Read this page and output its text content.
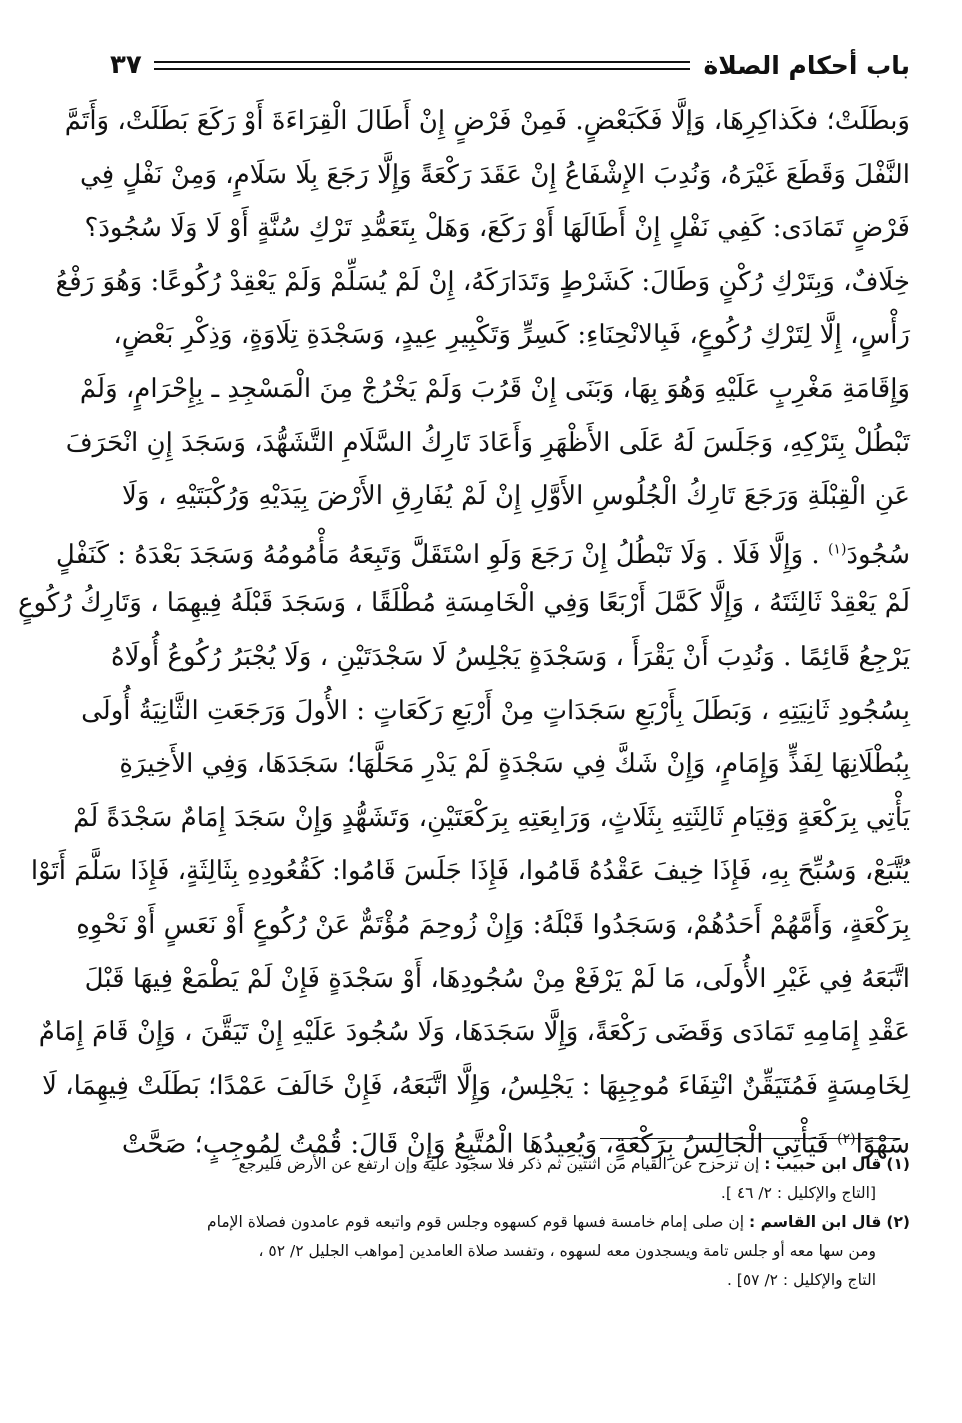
باب أحكام الصلاة
٣٧
وَبطَلَتْ؛ فكَذاكِرِهَا، وَإلَّا فَكَبَعْضٍ. فَمِنْ فَرْضٍ إِنْ أَطَالَ الْقِرَاءَةَ أَوْ رَكَعَ بَطَلَتْ، وَأَتَمَّ
النَّفْلَ وَقَطَعَ غَيْرَهُ، وَنُدِبَ الإِشْفَاعُ إِنْ عَقَدَ رَكْعَةً وَإِلَّا رَجَعَ بِلَا سَلَامٍ، وَمِنْ نَفْلٍ فِي
فَرْضٍ تَمَادَى: كَفِي نَفْلٍ إِنْ أَطَالَهَا أَوْ رَكَعَ، وَهَلْ بِتَعَمُّدِ تَرْكِ سُنَّةٍ أَوْ لَا وَلَا سُجُودَ؟
خِلَافٌ، وَبِتَرْكِ رُكْنٍ وَطَالَ: كَشَرْطٍ وَتَدَارَكَهُ، إِنْ لَمْ يُسَلِّمْ وَلَمْ يَعْقِدْ رُكُوعًا: وَهُوَ رَفْعُ
رَأْسٍ، إِلَّا لِتَرْكِ رُكُوعٍ، فَبِالانْحِنَاءِ: كَسِرٍّ وَتَكْبِيرِ عِيدٍ، وَسَجْدَةِ تِلَاوَةٍ، وَذِكْرِ بَعْضٍ،
وَإِقَامَةِ مَغْرِبٍ عَلَيْهِ وَهُوَ بِهَا، وَبَنَى إِنْ قَرُبَ وَلَمْ يَخْرُجْ مِنَ الْمَسْجِدِ ـ بِإِحْرَامٍ، وَلَمْ
تَبْطُلْ بِتَرْكِهِ، وَجَلَسَ لَهُ عَلَى الأَظْهَرِ وَأَعَادَ تَارِكُ السَّلَامِ التَّشَهُّدَ، وَسَجَدَ إِنِ انْحَرَفَ
عَنِ الْقِبْلَةِ وَرَجَعَ تَارِكُ الْجُلُوسِ الأَوَّلِ إِنْ لَمْ يُفَارِقِ الأَرْضَ بِيَدَيْهِ وَرُكْبَتَيْهِ ، وَلَا
سُجُودَ$^{(١)}$ . وَإِلَّا فَلَا . وَلَا تَبْطُلُ إِنْ رَجَعَ وَلَوِ اسْتَقَلَّ وَتَبِعَهُ مَأْمُومُهُ وَسَجَدَ بَعْدَهُ : كَنَفْلٍ
لَمْ يَعْقِدْ ثَالِثَتَهُ ، وَإِلَّا كَمَّلَ أَرْبَعًا وَفِي الْخَامِسَةِ مُطْلَقًا ، وَسَجَدَ قَبْلَهُ فِيهِمَا ، وَتَارِكُ رُكُوعٍ
يَرْجِعُ قَائِمًا . وَنُدِبَ أَنْ يَقْرَأَ ، وَسَجْدَةٍ يَجْلِسُ لَا سَجْدَتَيْنِ ، وَلَا يُجْبَرُ رُكُوعُ أُولَاهُ
بِسُجُودِ ثَانِيَتِهِ ، وَبَطَلَ بِأَرْبَعِ سَجَدَاتٍ مِنْ أَرْبَعِ رَكَعَاتٍ : الأُولَ وَرَجَعَتِ الثَّانِيَةُ أُولَى
بِبُطْلَانِهَا لِفَذٍّ وَإِمَامٍ، وَإِنْ شَكَّ فِي سَجْدَةٍ لَمْ يَدْرِ مَحَلَّهَا؛ سَجَدَهَا، وَفِي الأَخِيرَةِ
يَأْتِي بِرَكْعَةٍ وَقِيَامِ ثَالِثَتِهِ بِثَلَاثٍ، وَرَابِعَتِهِ بِرَكْعَتَيْنِ، وَتَشَهُّدٍ وَإِنْ سَجَدَ إِمَامٌ سَجْدَةً لَمْ
يُتَّبَعْ، وَسُبِّحَ بِهِ، فَإِذَا خِيفَ عَقْدُهُ قَامُوا، فَإِذَا جَلَسَ قَامُوا: كَقُعُودِهِ بِثَالِثَةٍ، فَإِذَا سَلَّمَ أَتَوْا
بِرَكْعَةٍ، وَأَمَّهُمْ أَحَدُهُمْ، وَسَجَدُوا قَبْلَهُ: وَإِنْ زُوحِمَ مُؤْتَمٌّ عَنْ رُكُوعٍ أَوْ نَعَسٍ أَوْ نَحْوِهِ
اتَّبَعَهُ فِي غَيْرِ الأُولَى، مَا لَمْ يَرْفَعْ مِنْ سُجُودِهَا، أَوْ سَجْدَةٍ فَإِنْ لَمْ يَطْمَعْ فِيهَا قَبْلَ
عَقْدِ إِمَامِهِ تَمَادَى وَقَضَى رَكْعَةً، وَإِلَّا سَجَدَهَا، وَلَا سُجُودَ عَلَيْهِ إِنْ تَيَقَّنَ ، وَإِنْ قَامَ إِمَامٌ
لِخَامِسَةٍ فَمُتَيَقِّنٌ انْتِفَاءَ مُوجِبِهَا : يَجْلِسُ، وَإِلَّا اتَّبَعَهُ، فَإِنْ خَالَفَ عَمْدًا؛ بَطَلَتْ فِيهِمَا، لَا
سَهْوًا$^{(٢)}$ فَيَأْتِي الْجَالِسُ بِرَكْعَةٍ، وَيُعِيدُهَا الْمُتَّبِعُ وَإِنْ قَالَ: قُمْتُ لِمُوجِبٍ؛ صَحَّتْ
(١) قال ابن حبيب : إن تزحزح عن القيام من اثنتين ثم ذكر فلا سجود عليه وإن ارتفع عن الأرض فليرجع
[التاج والإكليل : ٢/ ٤٦ ].
(٢) قال ابن القاسم : إن صلى إمام خامسة فسها قوم كسهوه وجلس قوم واتبعه قوم عامدون فصلاة الإمام
ومن سها معه أو جلس تامة ويسجدون معه لسهوه ، وتفسد صلاة العامدين [مواهب الجليل ٢/ ٥٢ ،
التاج والإكليل : ٢/ ٥٧] .
